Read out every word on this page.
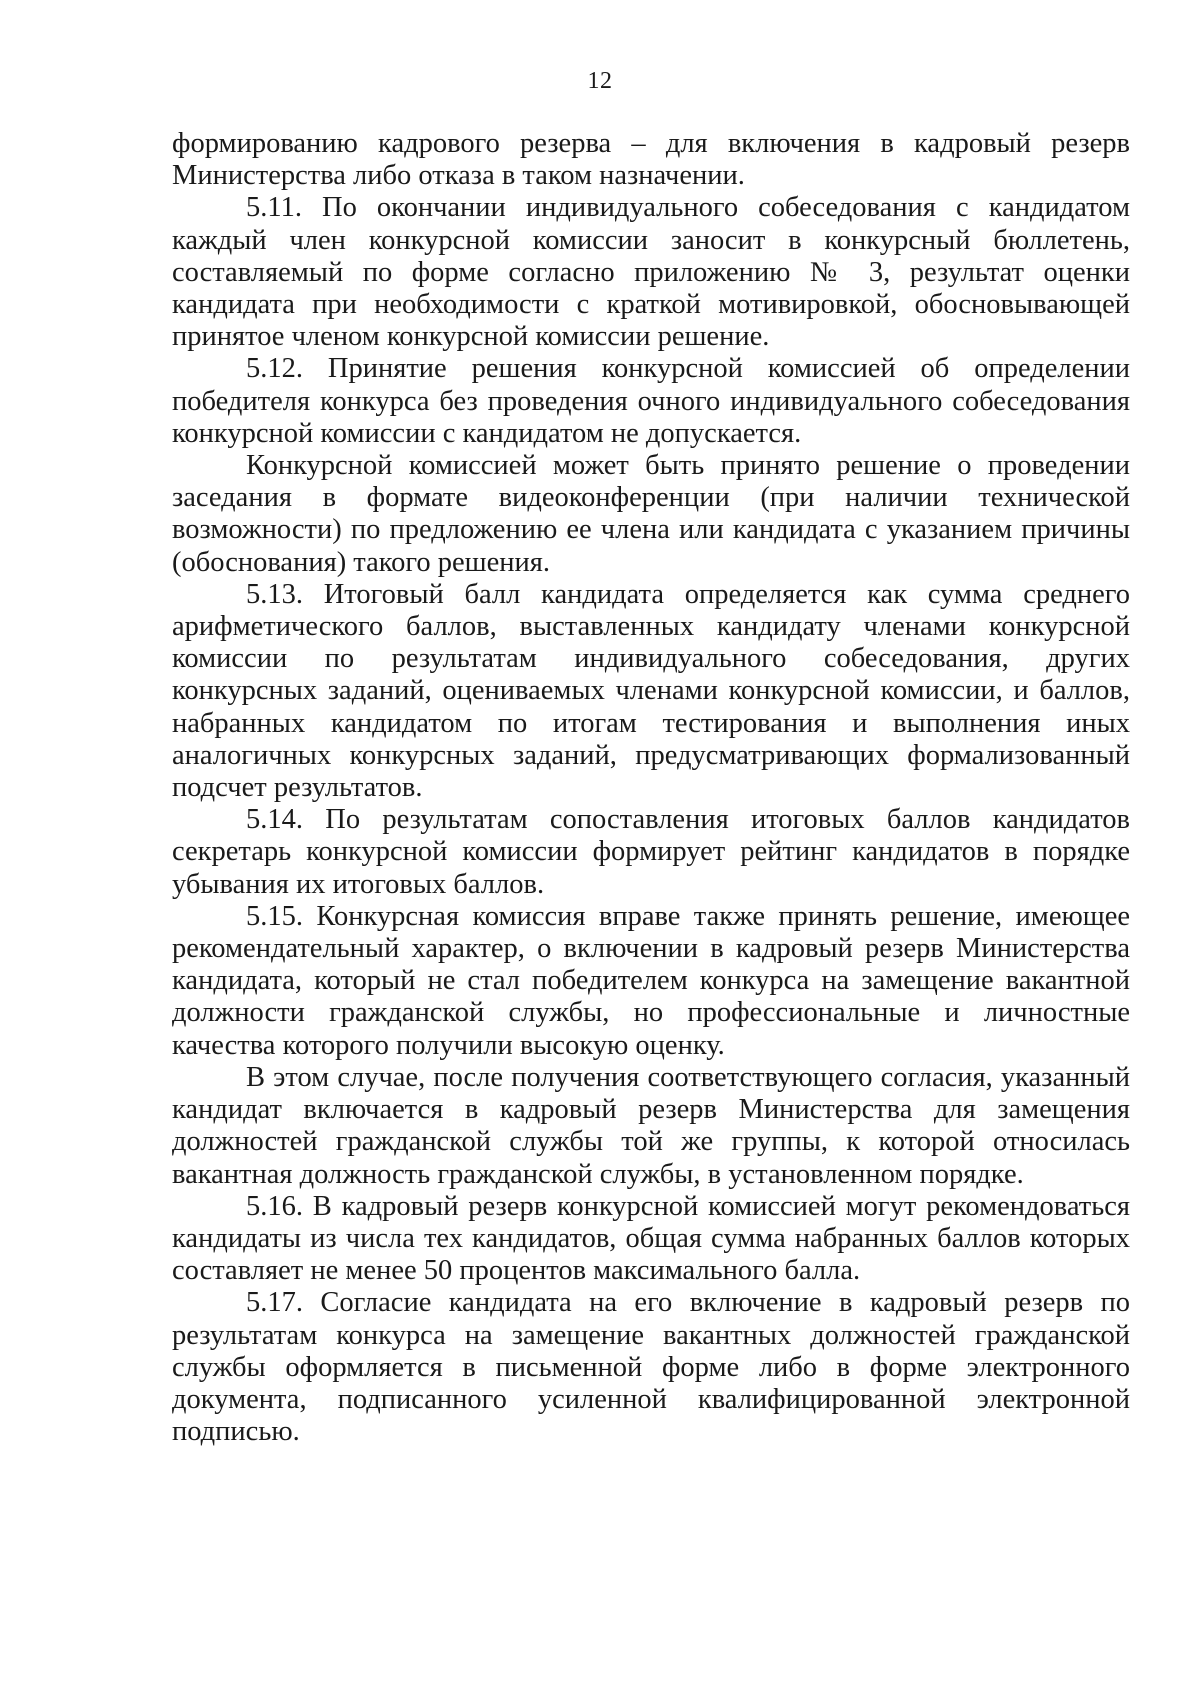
12

формированию кадрового резерва – для включения в кадровый резерв Министерства либо отказа в таком назначении.

5.11. По окончании индивидуального собеседования с кандидатом каждый член конкурсной комиссии заносит в конкурсный бюллетень, составляемый по форме согласно приложению № 3, результат оценки кандидата при необходимости с краткой мотивировкой, обосновывающей принятое членом конкурсной комиссии решение.

5.12. Принятие решения конкурсной комиссией об определении победителя конкурса без проведения очного индивидуального собеседования конкурсной комиссии с кандидатом не допускается.

Конкурсной комиссией может быть принято решение о проведении заседания в формате видеоконференции (при наличии технической возможности) по предложению ее члена или кандидата с указанием причины (обоснования) такого решения.

5.13. Итоговый балл кандидата определяется как сумма среднего арифметического баллов, выставленных кандидату членами конкурсной комиссии по результатам индивидуального собеседования, других конкурсных заданий, оцениваемых членами конкурсной комиссии, и баллов, набранных кандидатом по итогам тестирования и выполнения иных аналогичных конкурсных заданий, предусматривающих формализованный подсчет результатов.

5.14. По результатам сопоставления итоговых баллов кандидатов секретарь конкурсной комиссии формирует рейтинг кандидатов в порядке убывания их итоговых баллов.

5.15. Конкурсная комиссия вправе также принять решение, имеющее рекомендательный характер, о включении в кадровый резерв Министерства кандидата, который не стал победителем конкурса на замещение вакантной должности гражданской службы, но профессиональные и личностные качества которого получили высокую оценку.

В этом случае, после получения соответствующего согласия, указанный кандидат включается в кадровый резерв Министерства для замещения должностей гражданской службы той же группы, к которой относилась вакантная должность гражданской службы, в установленном порядке.

5.16. В кадровый резерв конкурсной комиссией могут рекомендоваться кандидаты из числа тех кандидатов, общая сумма набранных баллов которых составляет не менее 50 процентов максимального балла.

5.17. Согласие кандидата на его включение в кадровый резерв по результатам конкурса на замещение вакантных должностей гражданской службы оформляется в письменной форме либо в форме электронного документа, подписанного усиленной квалифицированной электронной подписью.
